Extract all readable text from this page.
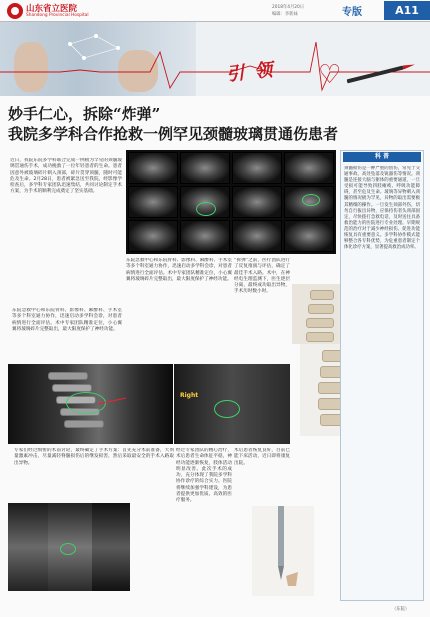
山东省立医院
Shandong Provincial Hospital
2018年4月20日
编辑：李新妹	专版	A11
引 领 ♡
妙手仁心，拆除“炸弹”
我院多学科合作抢救一例罕见颈髓玻璃贯通伤患者
近日，我院东院多学科联合完成一例极为罕见的颈髓玻璃贯通伤手术，成功挽救了一位年轻患者的生命。患者因意外被玻璃碎片刺入颈部，碎片贯穿颈髓，随时可能危及生命。2月28日，患者被紧急送至我院，经影像学检查后，多学科专家团队迅速集结，共同讨论制定手术方案，为手术的顺利完成奠定了坚实基础。
东院急救中心和东院骨科、影像科、麻醉科、手术室等多个科室通力协作，迅速启动多学科会诊，对患者病情进行全面评估。术中专家团队精准定位，小心翼翼将玻璃碎片完整取出，最大限度保护了神经功能。
东院急救中心和东院骨科、影像科、麻醉科、手术室等多个科室通力协作，迅速启动多学科会诊，对患者病情进行全面评估。术中专家团队精准定位，小心翼翼将玻璃碎片完整取出，最大限度保护了神经功能。
“拆弹”之前，医疗团队进行了反复推演与评估，确定了最佳手术入路。术中，在神经电生理监测下，医生逐层分离，最终成功取出异物，手术历时数小时。
Right
专家们经过缜密的术前讨论，最终确定了手术方案：首先充分术前准备，大剂量激素冲击，尽量减轻脊髓损伤后的继发损害，然后采取最安全的手术入路取出异物。
经过专家团队的精心治疗，术后患者生命体征平稳，神经功能逐渐恢复，肢体活动明显改善。此次手术的成功，充分体现了我院多学科协作诊疗的综合实力。医院将继续加强学科建设，为患者提供更加优质、高效的医疗服务。
术后患者恢复良好，目前已能下床活动，近日即将康复出院。
科 普
颈髓损伤是一种严重的创伤，常见于交通事故、高处坠落及锐器伤等情况。颈髓是连接大脑与躯体的重要通道，一旦受损可能导致四肢瘫痪、呼吸功能障碍，甚至危及生命。玻璃等异物刺入颈髓的情况极为罕见，异物的取出需要极其精细的操作。一旦发生颈部外伤，切勿自行拔出异物，应保持伤者头颈部固定，尽快拨打急救电话，及时送往具备救治能力的医院进行专业处理。早期规范的治疗对于减少神经损伤、促进功能恢复具有重要意义。多学科协作模式能够整合各专科优势，为危重患者制定个体化诊疗方案，显著提高救治成功率。
（东院）
